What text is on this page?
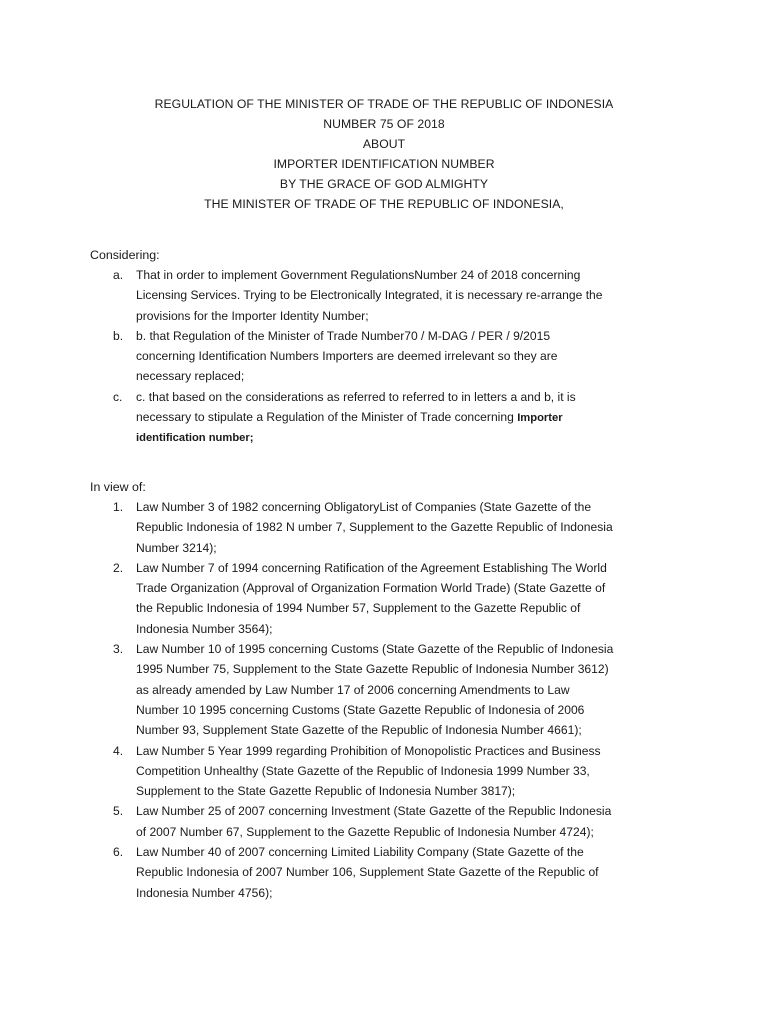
REGULATION OF THE MINISTER OF TRADE OF THE REPUBLIC OF INDONESIA
NUMBER 75 OF 2018
ABOUT
IMPORTER IDENTIFICATION NUMBER
BY THE GRACE OF GOD ALMIGHTY
THE MINISTER OF TRADE OF THE REPUBLIC OF INDONESIA,
Considering:
a. That in order to implement Government RegulationsNumber 24 of 2018 concerning
Licensing Services. Trying to be Electronically Integrated, it is necessary re-arrange the
provisions for the Importer Identity Number;
b. b. that Regulation of the Minister of Trade Number70 / M-DAG / PER / 9/2015
concerning Identification Numbers Importers are deemed irrelevant so they are
necessary replaced;
c. c. that based on the considerations as referred to referred to in letters a and b, it is
necessary to stipulate a Regulation of the Minister of Trade concerning Importer
identification number;
In view of:
1. Law Number 3 of 1982 concerning ObligatoryList of Companies (State Gazette of the
Republic Indonesia of 1982 N umber 7, Supplement to the Gazette Republic of Indonesia
Number 3214);
2. Law Number 7 of 1994 concerning Ratification of the Agreement Establishing The World
Trade Organization (Approval of Organization Formation World Trade) (State Gazette of
the Republic Indonesia of 1994 Number 57, Supplement to the Gazette Republic of
Indonesia Number 3564);
3. Law Number 10 of 1995 concerning Customs (State Gazette of the Republic of Indonesia
1995 Number 75, Supplement to the State Gazette Republic of Indonesia Number 3612)
as already amended by Law Number 17 of 2006 concerning Amendments to Law
Number 10 1995 concerning Customs (State Gazette Republic of Indonesia of 2006
Number 93, Supplement State Gazette of the Republic of Indonesia Number 4661);
4. Law Number 5 Year 1999 regarding Prohibition of Monopolistic Practices and Business
Competition Unhealthy (State Gazette of the Republic of Indonesia 1999 Number 33,
Supplement to the State Gazette Republic of Indonesia Number 3817);
5. Law Number 25 of 2007 concerning Investment (State Gazette of the Republic Indonesia
of 2007 Number 67, Supplement to the Gazette Republic of Indonesia Number 4724);
6. Law Number 40 of 2007 concerning Limited Liability Company (State Gazette of the
Republic Indonesia of 2007 Number 106, Supplement State Gazette of the Republic of
Indonesia Number 4756);
